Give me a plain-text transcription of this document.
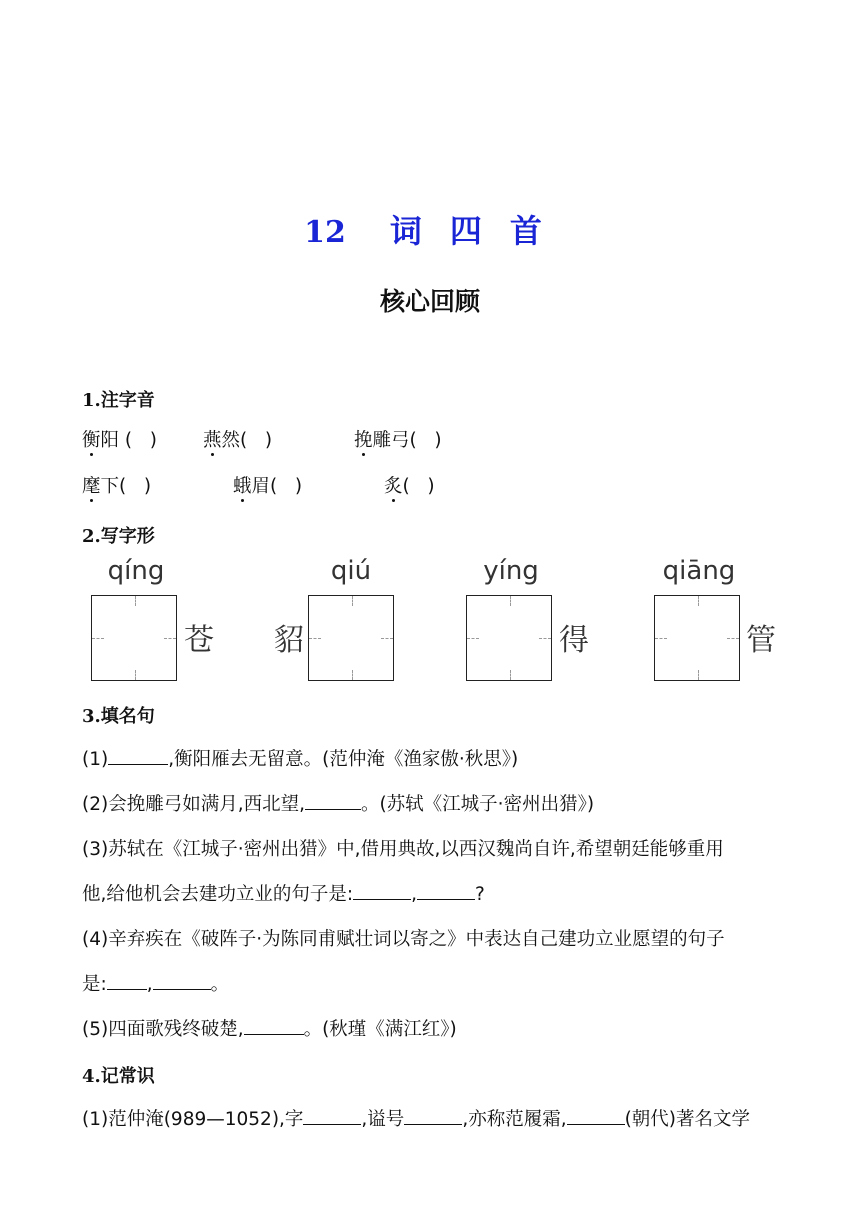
12 词 四 首
核心回顾
1.注字音
衡阳 (   ) 燕然(   )	挽雕弓(   )
麾下(   )	蛾眉(   )	炙(   )
2.写字形
qíng
苍
qiú
貂
yíng
得
qiāng
管
3.填名句
(1)	,衡阳雁去无留意。(范仲淹《渔家傲·秋思》)
(2)会挽雕弓如满月,西北望,	。(苏轼《江城子·密州出猎》)
(3)苏轼在《江城子·密州出猎》中,借用典故,以西汉魏尚自许,希望朝廷能够重用
他,给他机会去建功立业的句子是:	,	?
(4)辛弃疾在《破阵子·为陈同甫赋壮词以寄之》中表达自己建功立业愿望的句子
是: ,	。
(5)四面歌残终破楚,	。(秋瑾《满江红》)
4.记常识
(1)范仲淹(989—1052),字	,谥号	,亦称范履霜,	(朝代)著名文学
